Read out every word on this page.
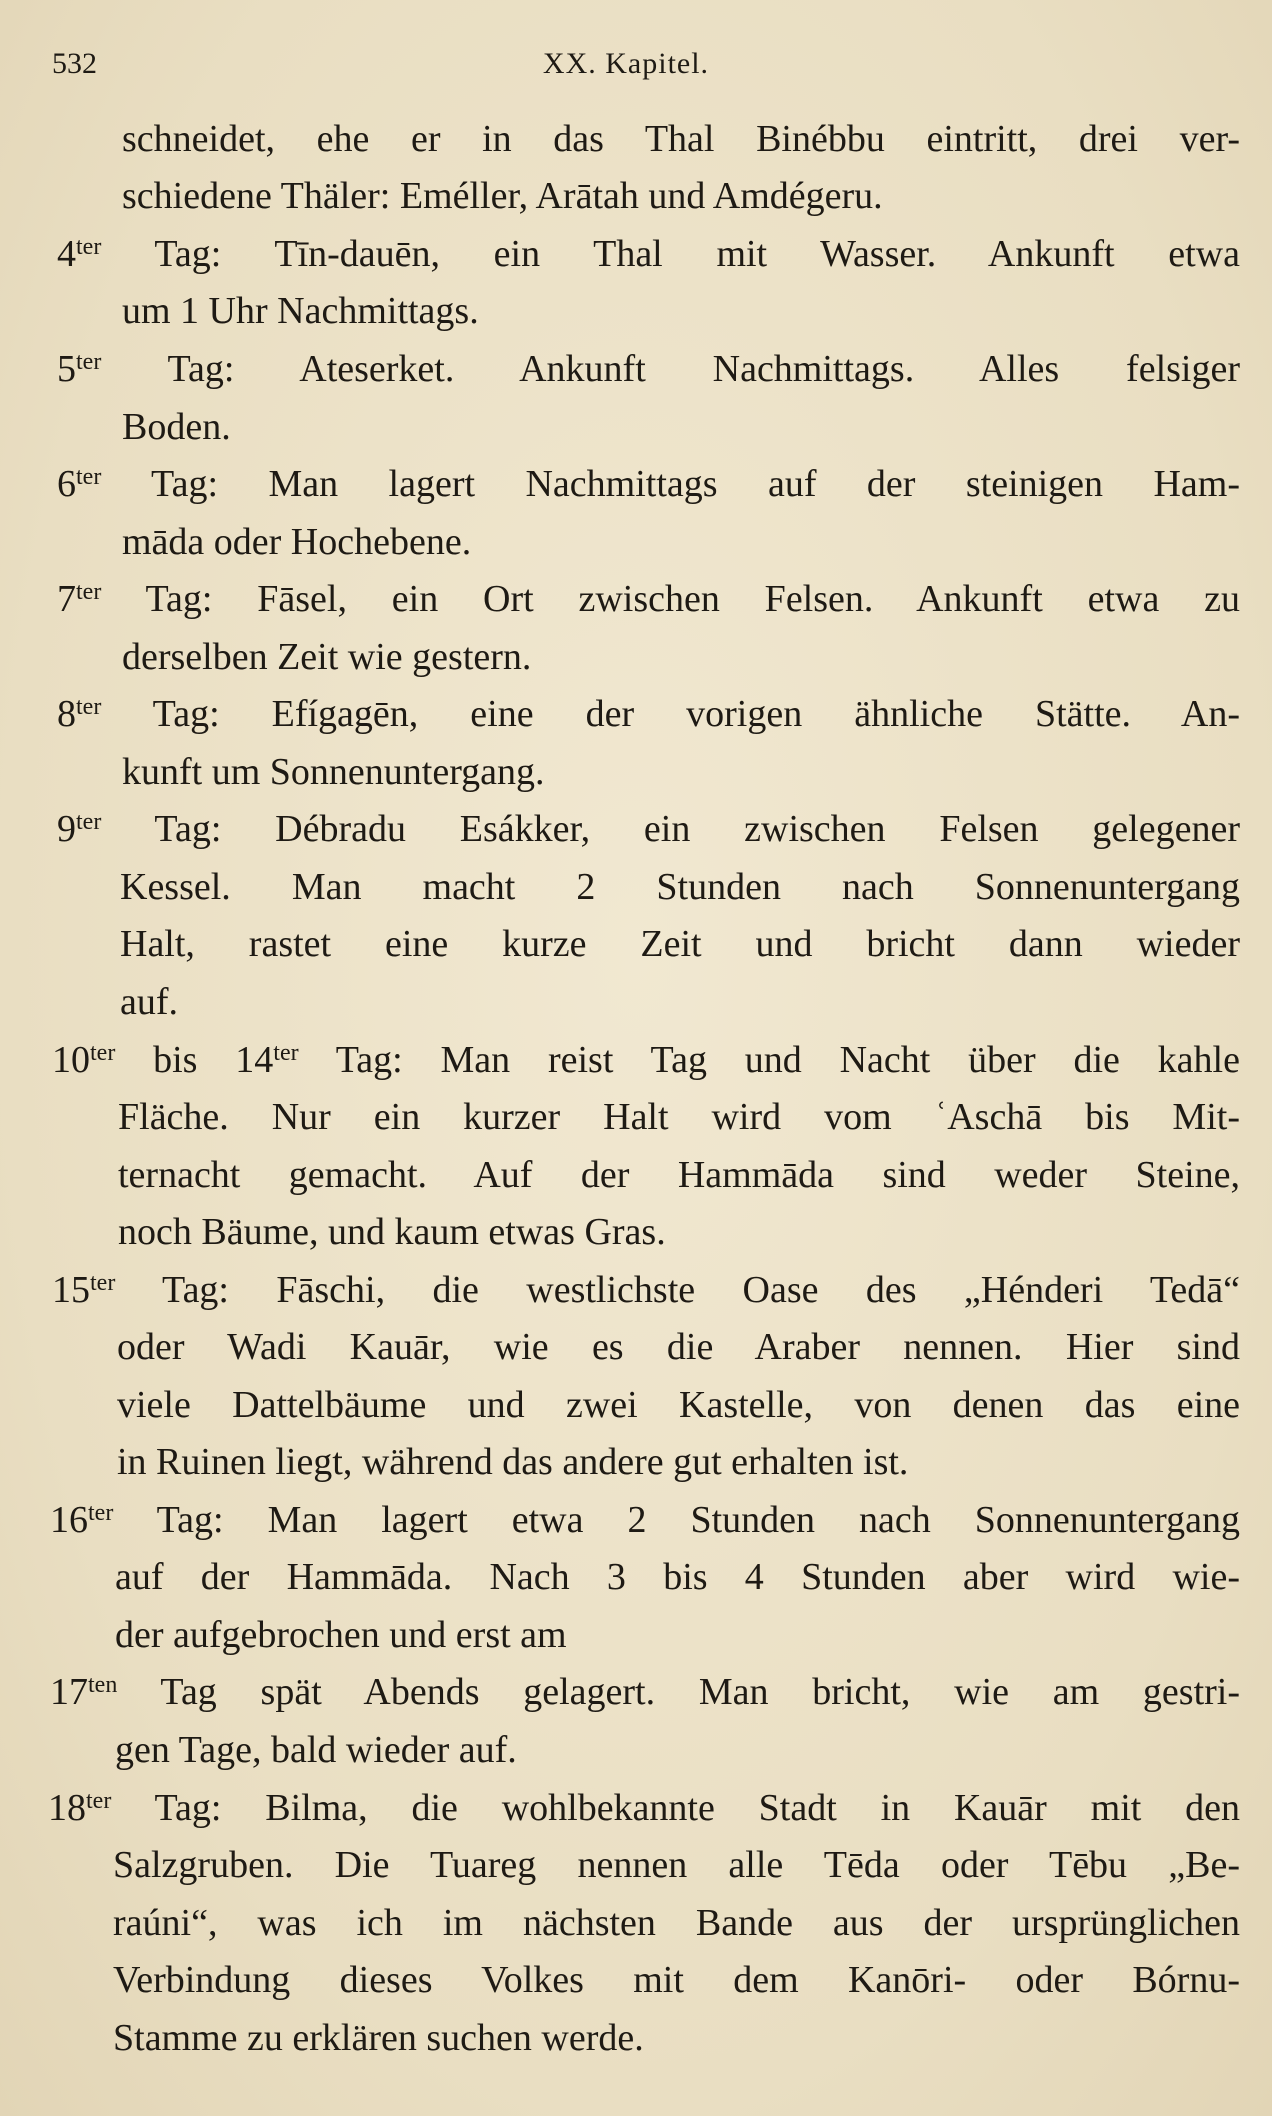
532	XX. Kapitel.
schneidet, ehe er in das Thal Binébbu eintritt, drei ver-
schiedene Thäler: Eméller, Arātah und Amdégeru.
$4^{ter}$ Tag: Tīn-dauēn, ein Thal mit Wasser. Ankunft etwa
um 1 Uhr Nachmittags.
$5^{ter}$ Tag: Ateserket. Ankunft Nachmittags. Alles felsiger
Boden.
$6^{ter}$ Tag: Man lagert Nachmittags auf der steinigen Ham-
māda oder Hochebene.
$7^{ter}$ Tag: Fāsel, ein Ort zwischen Felsen. Ankunft etwa zu
derselben Zeit wie gestern.
$8^{ter}$ Tag: Efígagēn, eine der vorigen ähnliche Stätte. An-
kunft um Sonnenuntergang.
$9^{ter}$ Tag: Débradu Esákker, ein zwischen Felsen gelegener
Kessel. Man macht 2 Stunden nach Sonnenuntergang
Halt, rastet eine kurze Zeit und bricht dann wieder
auf.
$10^{ter}$ bis $14^{ter}$ Tag: Man reist Tag und Nacht über die kahle
Fläche. Nur ein kurzer Halt wird vom ʿAschā bis Mit-
ternacht gemacht. Auf der Hammāda sind weder Steine,
noch Bäume, und kaum etwas Gras.
$15^{ter}$ Tag: Fāschi, die westlichste Oase des „Hénderi Tedā“
oder Wadi Kauār, wie es die Araber nennen. Hier sind
viele Dattelbäume und zwei Kastelle, von denen das eine
in Ruinen liegt, während das andere gut erhalten ist.
$16^{ter}$ Tag: Man lagert etwa 2 Stunden nach Sonnenuntergang
auf der Hammāda. Nach 3 bis 4 Stunden aber wird wie-
der aufgebrochen und erst am
$17^{ten}$ Tag spät Abends gelagert. Man bricht, wie am gestri-
gen Tage, bald wieder auf.
$18^{ter}$ Tag: Bilma, die wohlbekannte Stadt in Kauār mit den
Salzgruben. Die Tuareg nennen alle Tēda oder Tēbu „Be-
raúni“, was ich im nächsten Bande aus der ursprünglichen
Verbindung dieses Volkes mit dem Kanōri- oder Bórnu-
Stamme zu erklären suchen werde.
